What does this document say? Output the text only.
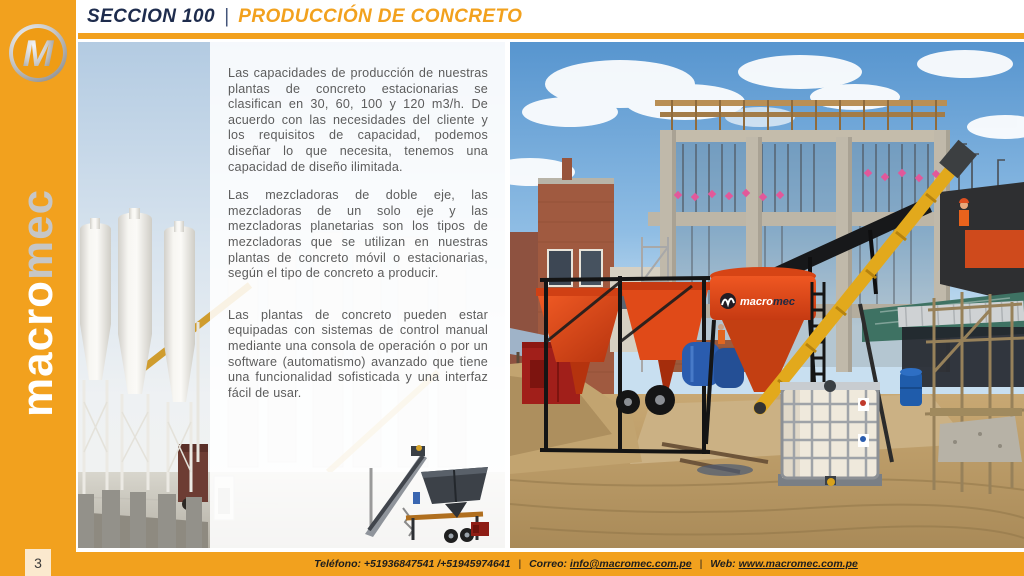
M
macro
mec
SECCION 100 | PRODUCCIÓN DE CONCRETO

Las capacidades de producción de nuestras plantas de concreto estacionarias se clasifican en 30, 60, 100 y 120 m3/h. De acuerdo con las necesidades del cliente y los requisitos de capacidad, podemos diseñar lo que necesita, tenemos una capacidad de diseño ilimitada.

Las mezcladoras de doble eje, las mezcladoras de un solo eje y las mezcladoras planetarias son los tipos de mezcladoras que se utilizan en nuestras plantas de concreto móvil o estacionarias, según el tipo de concreto a producir.

Las plantas de concreto pueden estar equipadas con sistemas de control manual mediante una consola de operación o por un software (automatismo) avanzado que tiene una funcionalidad sofisticada y una interfaz fácil de usar.

macro mec
Teléfono: +51936847541 /+51945974641 | Correo: info@macromec.com.pe | Web: www.macromec.com.pe
3
